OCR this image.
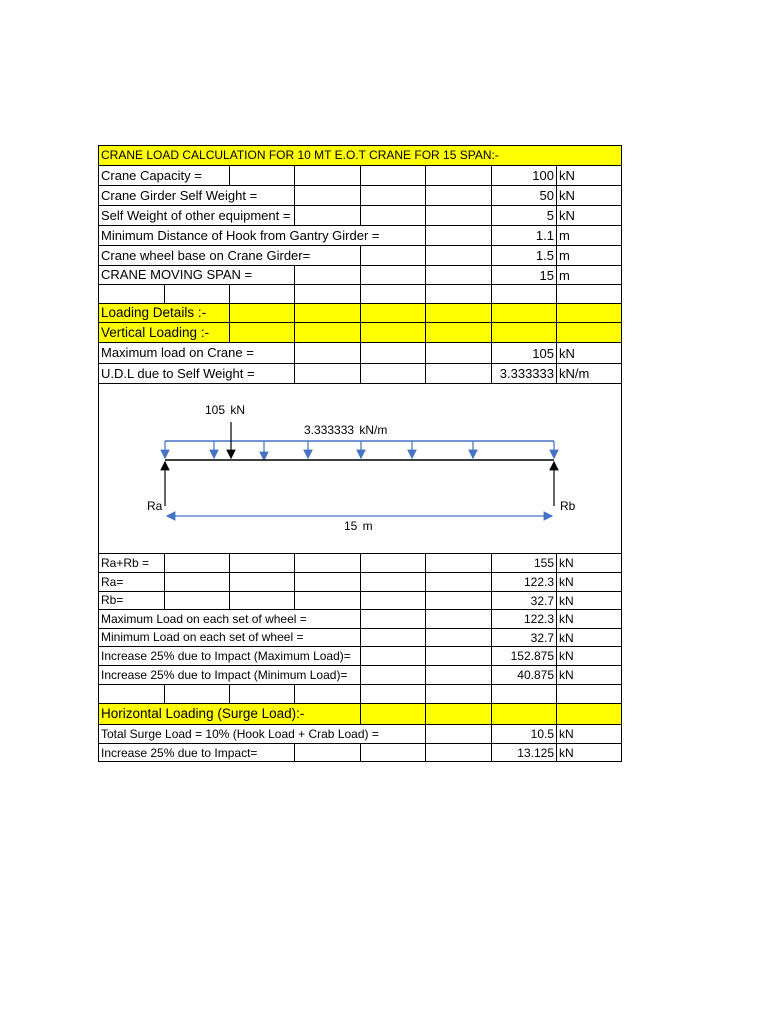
CRANE LOAD CALCULATION FOR 10 MT E.O.T CRANE FOR 15 SPAN:-
100 kN
Crane Capacity =
50 kN
Crane Girder Self Weight =
5 kN
Self Weight of other equipment =
1.1 m
Minimum Distance of Hook from Gantry Girder =
1.5 m
Crane wheel base on Crane Girder=
15 m
CRANE MOVING SPAN =
Loading Details :-
Vertical Loading :-
105 kN
Maximum load on Crane =
3.333333 kN/m
U.D.L due to Self Weight =
155 kN
Ra+Rb =
122.3 kN
Ra=
32.7 kN
Rb=
122.3 kN
Maximum Load on each set of wheel =
32.7 kN
Minimum Load on each set of wheel =
152.875 kN
Increase 25% due to Impact (Maximum Load)=
40.875 kN
Increase 25% due to Impact (Minimum Load)=
Horizontal Loading (Surge Load):-
10.5 kN
Total Surge Load = 10% (Hook Load + Crab Load) =
13.125 kN
Increase 25% due to Impact=
105 kN
3.333333 kN/m
Ra	Rb
15 m
